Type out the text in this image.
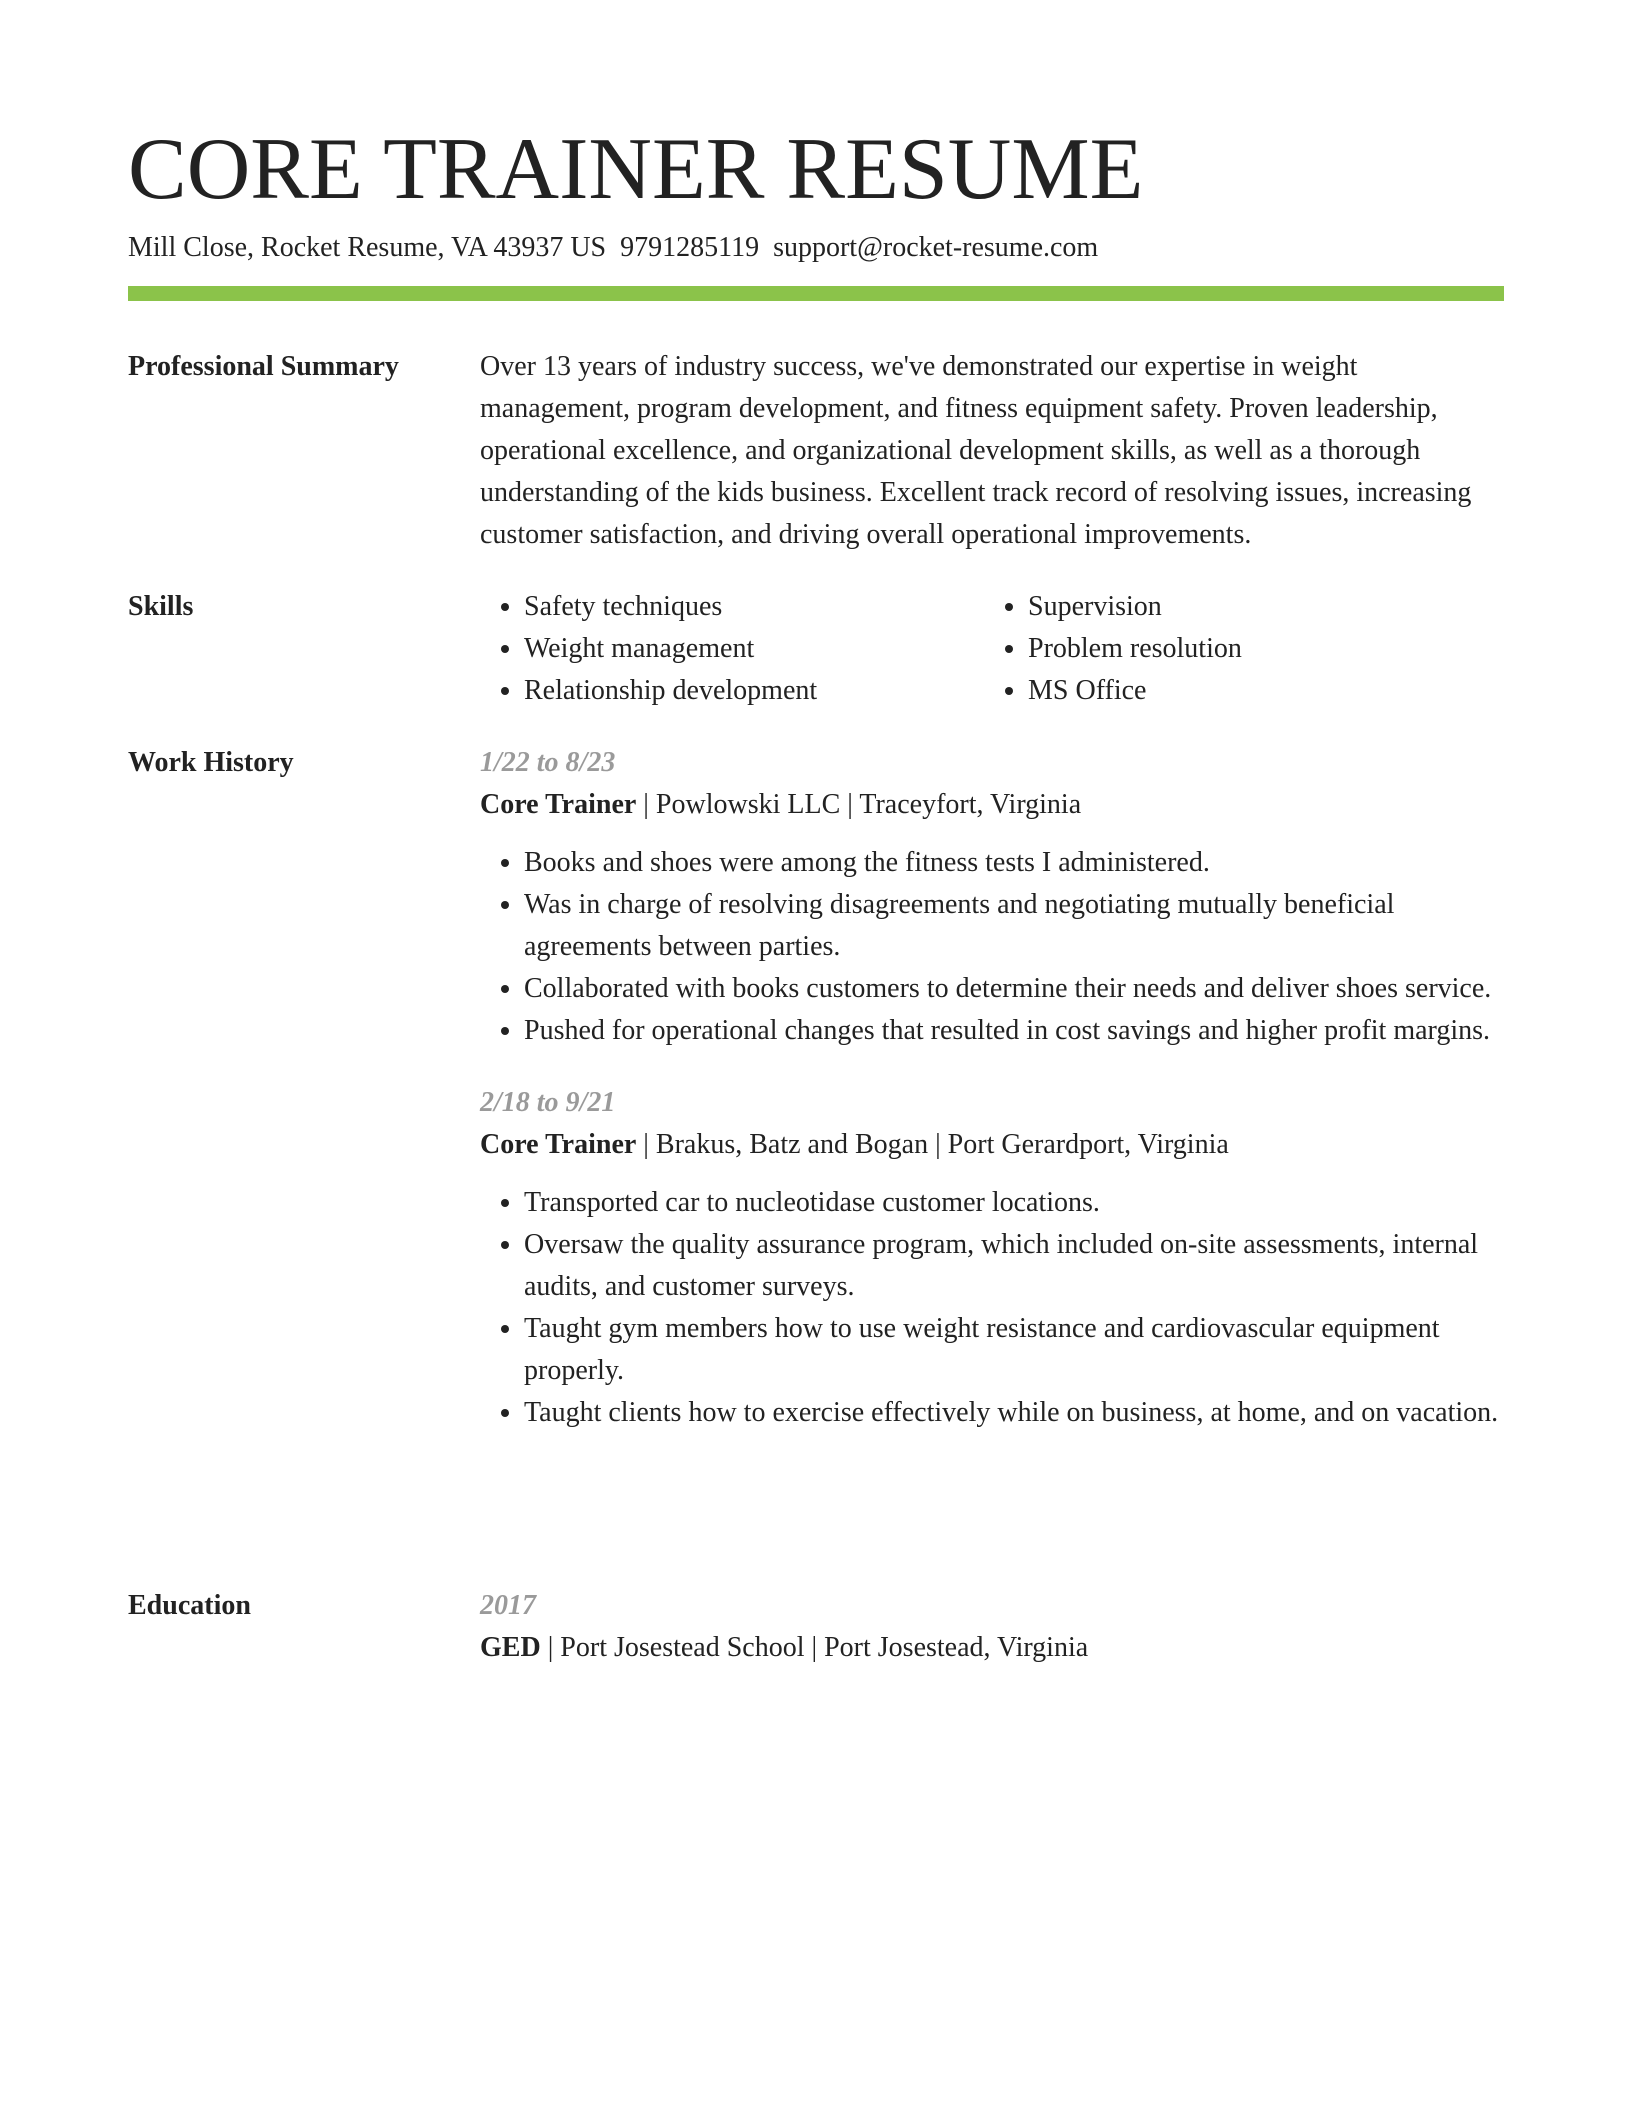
CORE TRAINER RESUME
Mill Close, Rocket Resume, VA 43937 US 9791285119 support@rocket-resume.com
Professional Summary	Over 13 years of industry success, we've demonstrated our expertise in weight management, program development, and fitness equipment safety. Proven leadership, operational excellence, and organizational development skills, as well as a thorough understanding of the kids business. Excellent track record of resolving issues, increasing customer satisfaction, and driving overall operational improvements.

Skills
•	Safety techniques
• Weight management
• Relationship development
• Supervision
• Problem resolution
• MS Office
Work History	1/22 to 8/23

Core Trainer | Powlowski LLC | Traceyfort, Virginia

• Books and shoes were among the fitness tests I administered.
• Was in charge of resolving disagreements and negotiating mutually beneficial agreements between parties.
• Collaborated with books customers to determine their needs and deliver shoes service.
• Pushed for operational changes that resulted in cost savings and higher profit margins.

2/18 to 9/21

Core Trainer | Brakus, Batz and Bogan | Port Gerardport, Virginia

• Transported car to nucleotidase customer locations.
• Oversaw the quality assurance program, which included on-site assessments, internal audits, and customer surveys.
• Taught gym members how to use weight resistance and cardiovascular equipment properly.
• Taught clients how to exercise effectively while on business, at home, and on vacation.
Education	2017

GED | Port Josestead School | Port Josestead, Virginia
